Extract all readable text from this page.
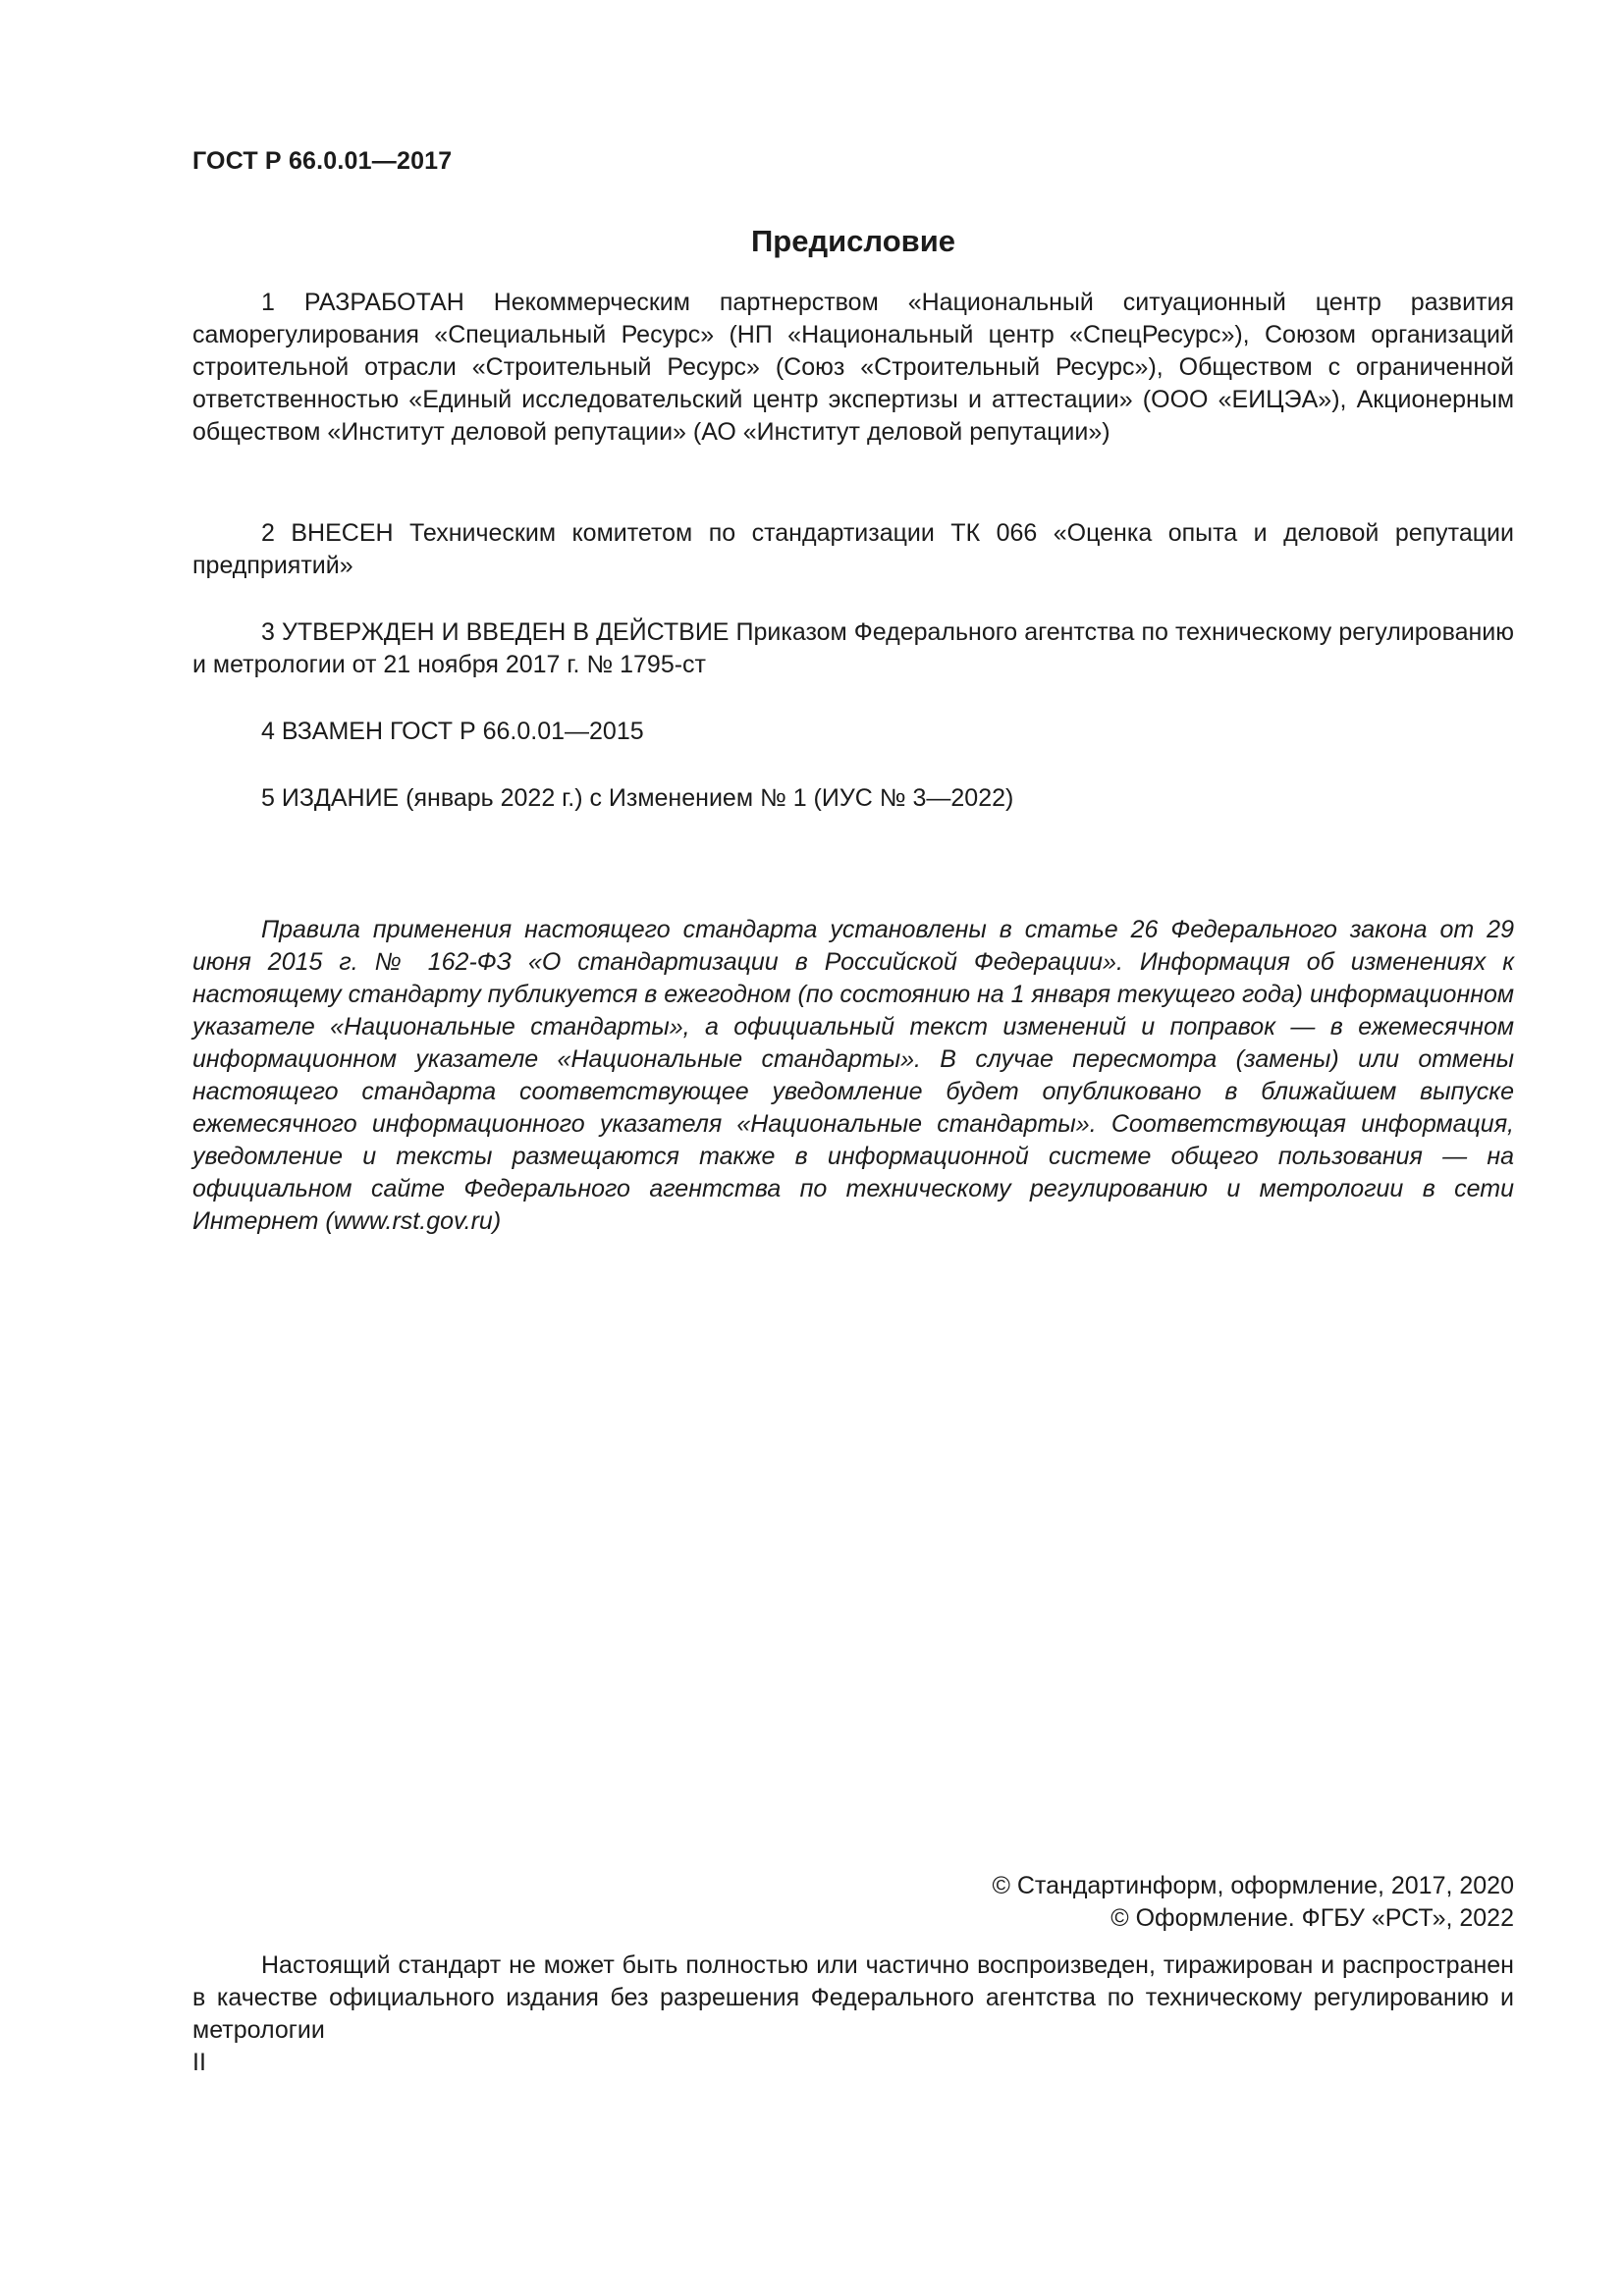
ГОСТ Р 66.0.01—2017
Предисловие
1 РАЗРАБОТАН Некоммерческим партнерством «Национальный ситуационный центр развития саморегулирования «Специальный Ресурс» (НП «Национальный центр «СпецРесурс»), Союзом организаций строительной отрасли «Строительный Ресурс» (Союз «Строительный Ресурс»), Обществом с ограниченной ответственностью «Единый исследовательский центр экспертизы и аттестации» (ООО «ЕИЦЭА»), Акционерным обществом «Институт деловой репутации» (АО «Институт деловой репутации»)
2 ВНЕСЕН Техническим комитетом по стандартизации ТК 066 «Оценка опыта и деловой репутации предприятий»
3 УТВЕРЖДЕН И ВВЕДЕН В ДЕЙСТВИЕ Приказом Федерального агентства по техническому регулированию и метрологии от 21 ноября 2017 г. № 1795-ст
4 ВЗАМЕН ГОСТ Р 66.0.01—2015
5 ИЗДАНИЕ (январь 2022 г.) с Изменением № 1 (ИУС № 3—2022)
Правила применения настоящего стандарта установлены в статье 26 Федерального закона от 29 июня 2015 г. № 162-ФЗ «О стандартизации в Российской Федерации». Информация об изменениях к настоящему стандарту публикуется в ежегодном (по состоянию на 1 января текущего года) информационном указателе «Национальные стандарты», а официальный текст изменений и поправок — в ежемесячном информационном указателе «Национальные стандарты». В случае пересмотра (замены) или отмены настоящего стандарта соответствующее уведомление будет опубликовано в ближайшем выпуске ежемесячного информационного указателя «Национальные стандарты». Соответствующая информация, уведомление и тексты размещаются также в информационной системе общего пользования — на официальном сайте Федерального агентства по техническому регулированию и метрологии в сети Интернет (www.rst.gov.ru)
© Стандартинформ, оформление, 2017, 2020
© Оформление. ФГБУ «РСТ», 2022
Настоящий стандарт не может быть полностью или частично воспроизведен, тиражирован и распространен в качестве официального издания без разрешения Федерального агентства по техническому регулированию и метрологии
II
